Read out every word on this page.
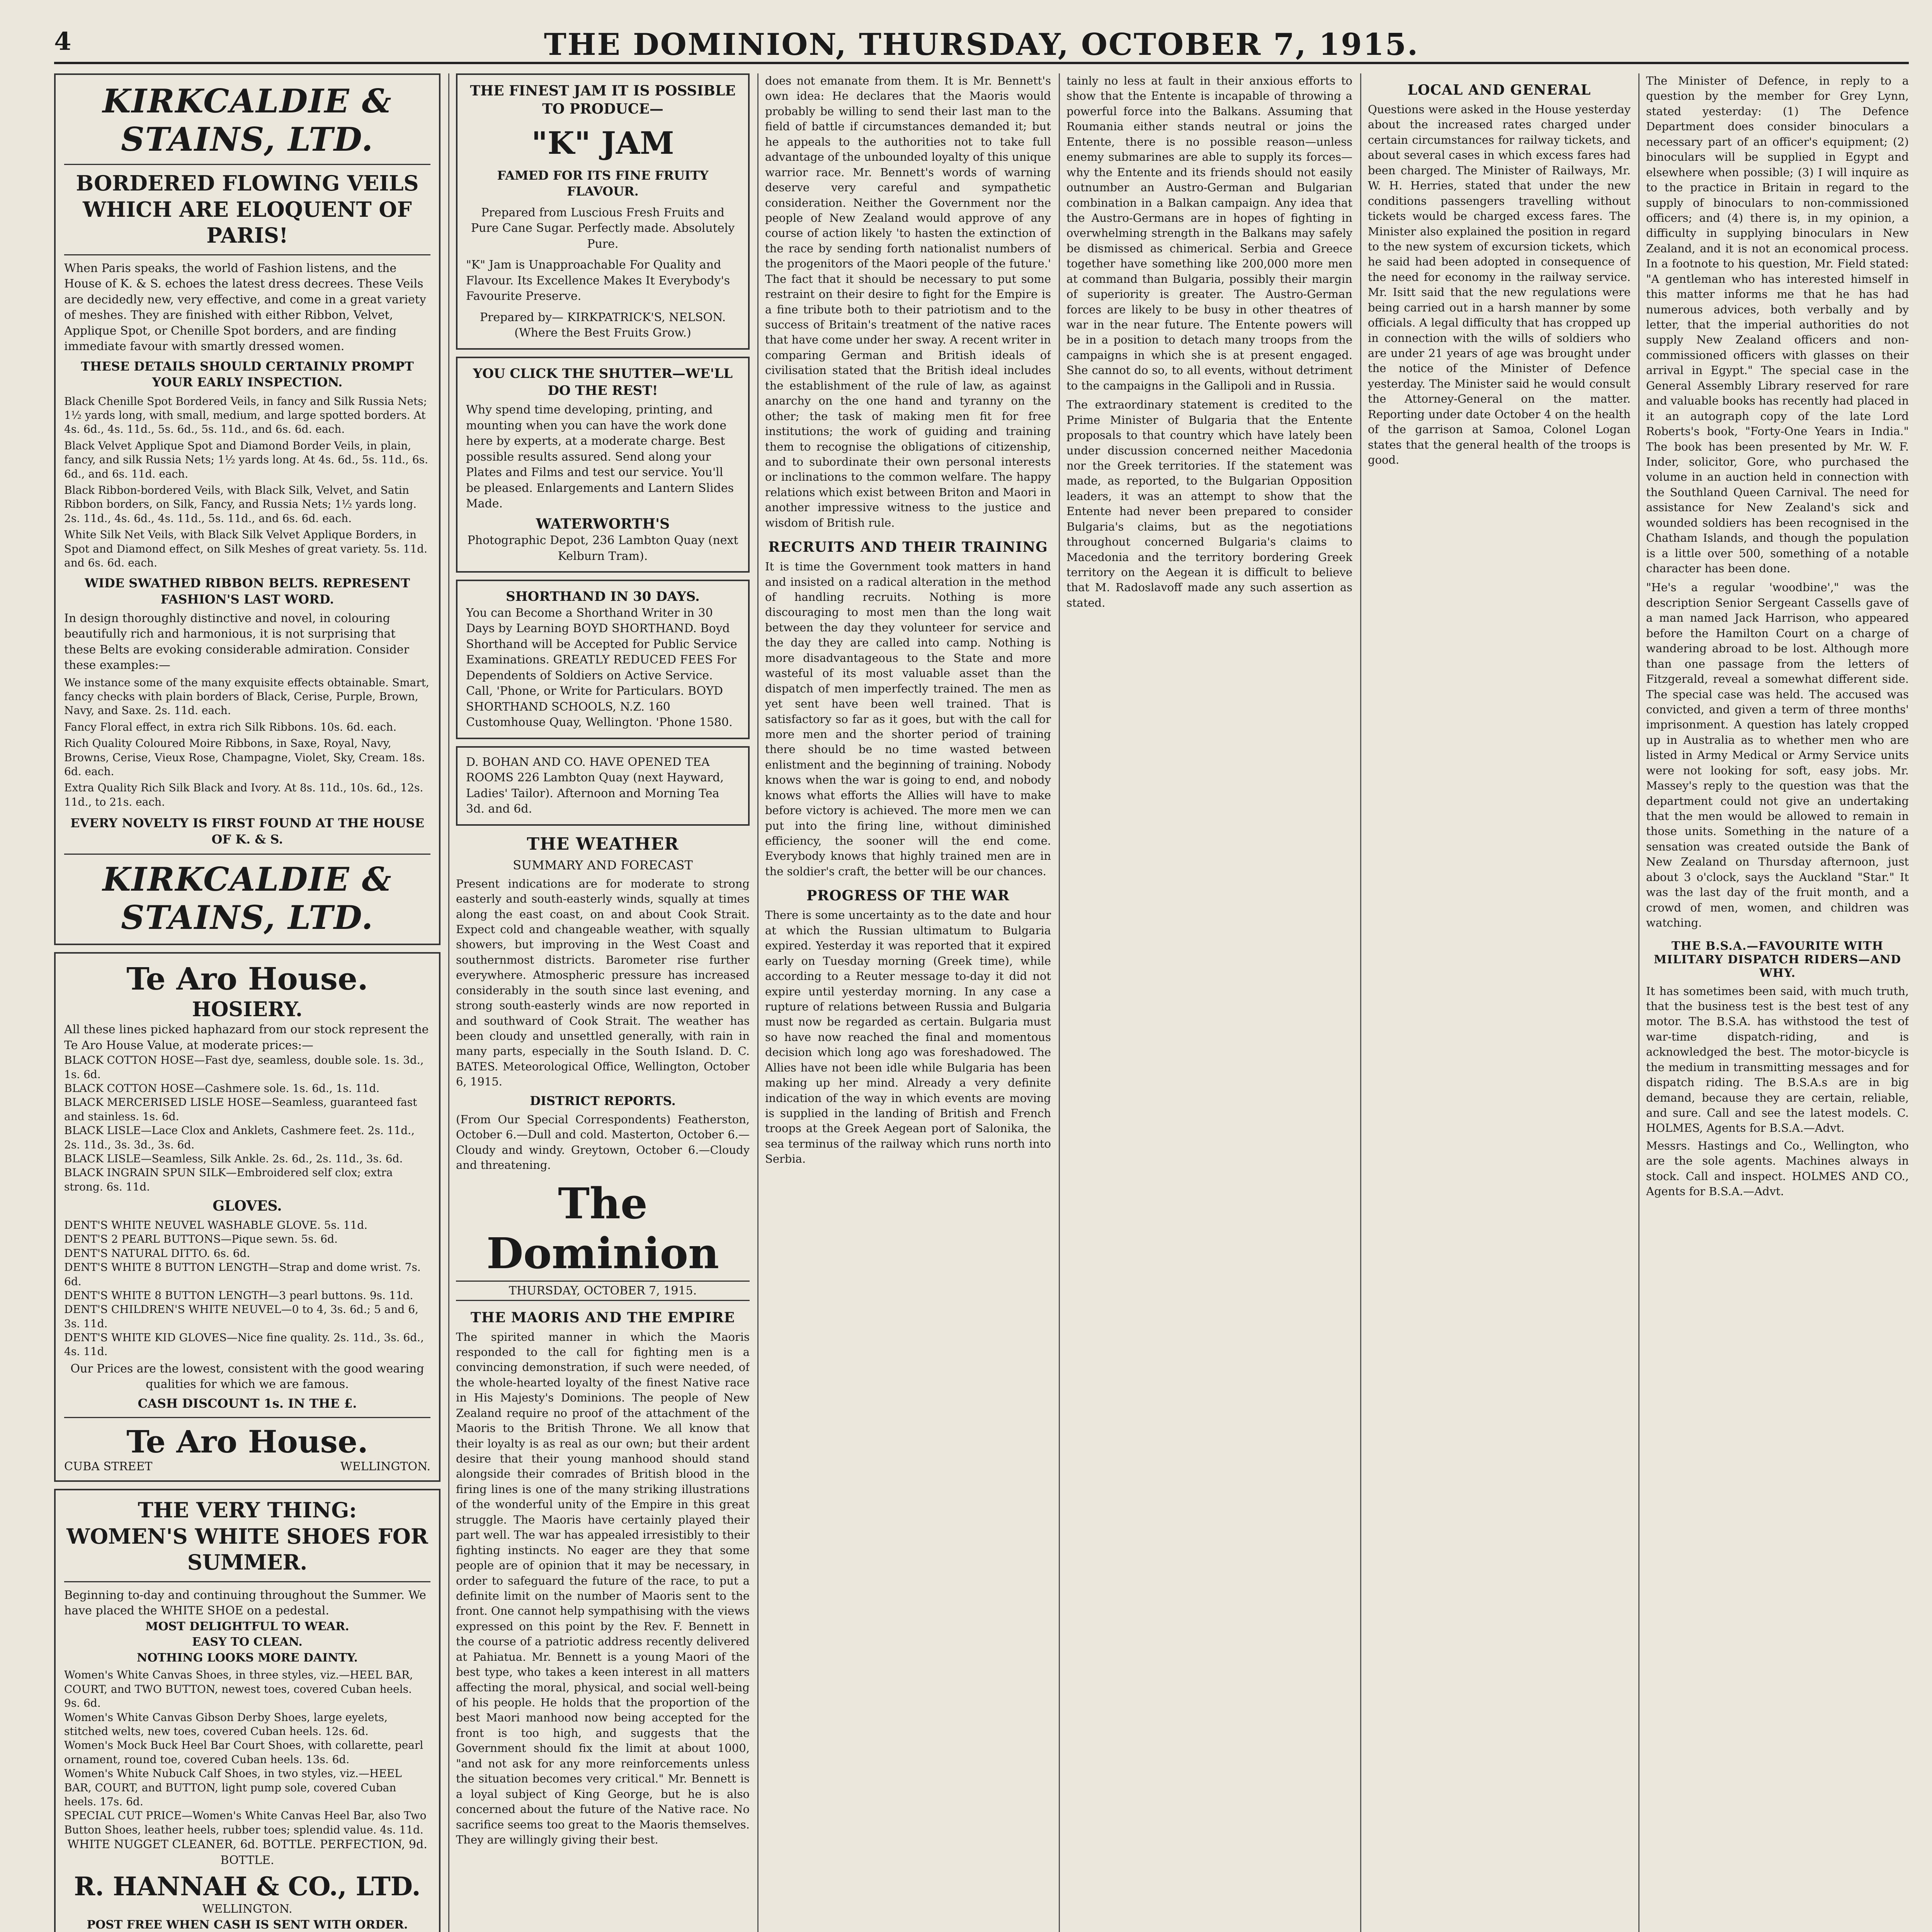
4	THE DOMINION, THURSDAY, OCTOBER 7, 1915.
KIRKCALDIE & STAINS, LTD.
BORDERED FLOWING VEILS WHICH ARE ELOQUENT OF PARIS!
When Paris speaks, the world of Fashion listens, and the House of K. & S. echoes the latest dress decrees. These Veils are decidedly new, very effective, and come in a great variety of meshes. They are finished with either Ribbon, Velvet, Applique Spot, or Chenille Spot borders, and are finding immediate favour with smartly dressed women.
THESE DETAILS SHOULD CERTAINLY PROMPT YOUR EARLY INSPECTION.
Black Chenille Spot Bordered Veils, in fancy and Silk Russia Nets; 1½ yards long, with small, medium, and large spotted borders. At 4s. 6d., 4s. 11d., 5s. 6d., 5s. 11d., and 6s. 6d. each.
Black Velvet Applique Spot and Diamond Border Veils, in plain, fancy, and silk Russia Nets; 1½ yards long. At 4s. 6d., 5s. 11d., 6s. 6d., and 6s. 11d. each.
Black Ribbon-bordered Veils, with Black Silk, Velvet, and Satin Ribbon borders, on Silk, Fancy, and Russia Nets; 1½ yards long. 2s. 11d., 4s. 6d., 4s. 11d., 5s. 11d., and 6s. 6d. each.
White Silk Net Veils, with Black Silk Velvet Applique Borders, in Spot and Diamond effect, on Silk Meshes of great variety. 5s. 11d. and 6s. 6d. each.
WIDE SWATHED RIBBON BELTS. REPRESENT FASHION'S LAST WORD.
In design thoroughly distinctive and novel, in colouring beautifully rich and harmonious, it is not surprising that these Belts are evoking considerable admiration. Consider these examples:—
We instance some of the many exquisite effects obtainable. Smart, fancy checks with plain borders of Black, Cerise, Purple, Brown, Navy, and Saxe. 2s. 11d. each.
Fancy Floral effect, in extra rich Silk Ribbons. 10s. 6d. each.
Rich Quality Coloured Moire Ribbons, in Saxe, Royal, Navy, Browns, Cerise, Vieux Rose, Champagne, Violet, Sky, Cream. 18s. 6d. each.
Extra Quality Rich Silk Black and Ivory. At 8s. 11d., 10s. 6d., 12s. 11d., to 21s. each.
EVERY NOVELTY IS FIRST FOUND AT THE HOUSE OF K. & S.
KIRKCALDIE & STAINS, LTD.
Te Aro House.
HOSIERY.
All these lines picked haphazard from our stock represent the Te Aro House Value, at moderate prices:—
BLACK COTTON HOSE—Fast dye, seamless, double sole. 1s. 3d., 1s. 6d.
BLACK COTTON HOSE—Cashmere sole. 1s. 6d., 1s. 11d.
BLACK MERCERISED LISLE HOSE—Seamless, guaranteed fast and stainless. 1s. 6d.
BLACK LISLE—Lace Clox and Anklets, Cashmere feet. 2s. 11d., 2s. 11d., 3s. 3d., 3s. 6d.
BLACK LISLE—Seamless, Silk Ankle. 2s. 6d., 2s. 11d., 3s. 6d.
BLACK INGRAIN SPUN SILK—Embroidered self clox; extra strong. 6s. 11d.
GLOVES.
DENT'S WHITE NEUVEL WASHABLE GLOVE. 5s. 11d.
DENT'S 2 PEARL BUTTONS—Pique sewn. 5s. 6d.
DENT'S NATURAL DITTO. 6s. 6d.
DENT'S WHITE 8 BUTTON LENGTH—Strap and dome wrist. 7s. 6d.
DENT'S WHITE 8 BUTTON LENGTH—3 pearl buttons. 9s. 11d.
DENT'S CHILDREN'S WHITE NEUVEL—0 to 4, 3s. 6d.; 5 and 6, 3s. 11d.
DENT'S WHITE KID GLOVES—Nice fine quality. 2s. 11d., 3s. 6d., 4s. 11d.
Our Prices are the lowest, consistent with the good wearing qualities for which we are famous.
CASH DISCOUNT 1s. IN THE £.
Te Aro House.
CUBA STREET	WELLINGTON.
THE VERY THING:
WOMEN'S WHITE SHOES FOR SUMMER.
Beginning to-day and continuing throughout the Summer. We have placed the WHITE SHOE on a pedestal.
MOST DELIGHTFUL TO WEAR.
EASY TO CLEAN.
NOTHING LOOKS MORE DAINTY.
Women's White Canvas Shoes, in three styles, viz.—HEEL BAR, COURT, and TWO BUTTON, newest toes, covered Cuban heels. 9s. 6d.
Women's White Canvas Gibson Derby Shoes, large eyelets, stitched welts, new toes, covered Cuban heels. 12s. 6d.
Women's Mock Buck Heel Bar Court Shoes, with collarette, pearl ornament, round toe, covered Cuban heels. 13s. 6d.
Women's White Nubuck Calf Shoes, in two styles, viz.—HEEL BAR, COURT, and BUTTON, light pump sole, covered Cuban heels. 17s. 6d.
SPECIAL CUT PRICE—Women's White Canvas Heel Bar, also Two Button Shoes, leather heels, rubber toes; splendid value. 4s. 11d.
WHITE NUGGET CLEANER, 6d. BOTTLE. PERFECTION, 9d. BOTTLE.
R. HANNAH & CO., LTD.
WELLINGTON.
POST FREE WHEN CASH IS SENT WITH ORDER.
THE FINEST JAM IT IS POSSIBLE TO PRODUCE—
"K" JAM
FAMED FOR ITS FINE FRUITY FLAVOUR.
Prepared from Luscious Fresh Fruits and Pure Cane Sugar. Perfectly made. Absolutely Pure.
"K" Jam is Unapproachable For Quality and Flavour. Its Excellence Makes It Everybody's Favourite Preserve.
Prepared by— KIRKPATRICK'S, NELSON. (Where the Best Fruits Grow.)
YOU CLICK THE SHUTTER—WE'LL DO THE REST!
Why spend time developing, printing, and mounting when you can have the work done here by experts, at a moderate charge. Best possible results assured. Send along your Plates and Films and test our service. You'll be pleased. Enlargements and Lantern Slides Made.
WATERWORTH'S
Photographic Depot, 236 Lambton Quay (next Kelburn Tram).
SHORTHAND IN 30 DAYS.
You can Become a Shorthand Writer in 30 Days by Learning BOYD SHORTHAND. Boyd Shorthand will be Accepted for Public Service Examinations. GREATLY REDUCED FEES For Dependents of Soldiers on Active Service. Call, 'Phone, or Write for Particulars. BOYD SHORTHAND SCHOOLS, N.Z. 160 Customhouse Quay, Wellington. 'Phone 1580.
D. BOHAN AND CO. HAVE OPENED TEA ROOMS 226 Lambton Quay (next Hayward, Ladies' Tailor). Afternoon and Morning Tea 3d. and 6d.
THE WEATHER
SUMMARY AND FORECAST
Present indications are for moderate to strong easterly and south-easterly winds, squally at times along the east coast, on and about Cook Strait. Expect cold and changeable weather, with squally showers, but improving in the West Coast and southernmost districts. Barometer rise further everywhere. Atmospheric pressure has increased considerably in the south since last evening, and strong south-easterly winds are now reported in and southward of Cook Strait. The weather has been cloudy and unsettled generally, with rain in many parts, especially in the South Island. D. C. BATES. Meteorological Office, Wellington, October 6, 1915.
DISTRICT REPORTS.
(From Our Special Correspondents) Featherston, October 6.—Dull and cold. Masterton, October 6.—Cloudy and windy. Greytown, October 6.—Cloudy and threatening.
The Dominion
THURSDAY, OCTOBER 7, 1915.
THE MAORIS AND THE EMPIRE
The spirited manner in which the Maoris responded to the call for fighting men is a convincing demonstration, if such were needed, of the whole-hearted loyalty of the finest Native race in His Majesty's Dominions. The people of New Zealand require no proof of the attachment of the Maoris to the British Throne. We all know that their loyalty is as real as our own; but their ardent desire that their young manhood should stand alongside their comrades of British blood in the firing lines is one of the many striking illustrations of the wonderful unity of the Empire in this great struggle. The Maoris have certainly played their part well. The war has appealed irresistibly to their fighting instincts. No eager are they that some people are of opinion that it may be necessary, in order to safeguard the future of the race, to put a definite limit on the number of Maoris sent to the front. One cannot help sympathising with the views expressed on this point by the Rev. F. Bennett in the course of a patriotic address recently delivered at Pahiatua. Mr. Bennett is a young Maori of the best type, who takes a keen interest in all matters affecting the moral, physical, and social well-being of his people. He holds that the proportion of the best Maori manhood now being accepted for the front is too high, and suggests that the Government should fix the limit at about 1000, "and not ask for any more reinforcements unless the situation becomes very critical." Mr. Bennett is a loyal subject of King George, but he is also concerned about the future of the Native race. No sacrifice seems too great to the Maoris themselves. They are willingly giving their best.
does not emanate from them. It is Mr. Bennett's own idea: He declares that the Maoris would probably be willing to send their last man to the field of battle if circumstances demanded it; but he appeals to the authorities not to take full advantage of the unbounded loyalty of this unique warrior race. Mr. Bennett's words of warning deserve very careful and sympathetic consideration. Neither the Government nor the people of New Zealand would approve of any course of action likely 'to hasten the extinction of the race by sending forth nationalist numbers of the progenitors of the Maori people of the future.' The fact that it should be necessary to put some restraint on their desire to fight for the Empire is a fine tribute both to their patriotism and to the success of Britain's treatment of the native races that have come under her sway. A recent writer in comparing German and British ideals of civilisation stated that the British ideal includes the establishment of the rule of law, as against anarchy on the one hand and tyranny on the other; the task of making men fit for free institutions; the work of guiding and training them to recognise the obligations of citizenship, and to subordinate their own personal interests or inclinations to the common welfare. The happy relations which exist between Briton and Maori in another impressive witness to the justice and wisdom of British rule.
RECRUITS AND THEIR TRAINING
It is time the Government took matters in hand and insisted on a radical alteration in the method of handling recruits. Nothing is more discouraging to most men than the long wait between the day they volunteer for service and the day they are called into camp. Nothing is more disadvantageous to the State and more wasteful of its most valuable asset than the dispatch of men imperfectly trained. The men as yet sent have been well trained. That is satisfactory so far as it goes, but with the call for more men and the shorter period of training there should be no time wasted between enlistment and the beginning of training. Nobody knows when the war is going to end, and nobody knows what efforts the Allies will have to make before victory is achieved. The more men we can put into the firing line, without diminished efficiency, the sooner will the end come. Everybody knows that highly trained men are in the soldier's craft, the better will be our chances.
PROGRESS OF THE WAR
There is some uncertainty as to the date and hour at which the Russian ultimatum to Bulgaria expired. Yesterday it was reported that it expired early on Tuesday morning (Greek time), while according to a Reuter message to-day it did not expire until yesterday morning. In any case a rupture of relations between Russia and Bulgaria must now be regarded as certain. Bulgaria must so have now reached the final and momentous decision which long ago was foreshadowed. The Allies have not been idle while Bulgaria has been making up her mind. Already a very definite indication of the way in which events are moving is supplied in the landing of British and French troops at the Greek Aegean port of Salonika, the sea terminus of the railway which runs north into Serbia.
tainly no less at fault in their anxious efforts to show that the Entente is incapable of throwing a powerful force into the Balkans. Assuming that Roumania either stands neutral or joins the Entente, there is no possible reason—unless enemy submarines are able to supply its forces—why the Entente and its friends should not easily outnumber an Austro-German and Bulgarian combination in a Balkan campaign. Any idea that the Austro-Germans are in hopes of fighting in overwhelming strength in the Balkans may safely be dismissed as chimerical. Serbia and Greece together have something like 200,000 more men at command than Bulgaria, possibly their margin of superiority is greater. The Austro-German forces are likely to be busy in other theatres of war in the near future. The Entente powers will be in a position to detach many troops from the campaigns in which she is at present engaged. She cannot do so, to all events, without detriment to the campaigns in the Gallipoli and in Russia.
The extraordinary statement is credited to the Prime Minister of Bulgaria that the Entente proposals to that country which have lately been under discussion concerned neither Macedonia nor the Greek territories. If the statement was made, as reported, to the Bulgarian Opposition leaders, it was an attempt to show that the Entente had never been prepared to consider Bulgaria's claims, but as the negotiations throughout concerned Bulgaria's claims to Macedonia and the territory bordering Greek territory on the Aegean it is difficult to believe that M. Radoslavoff made any such assertion as stated.
LOCAL AND GENERAL
Questions were asked in the House yesterday about the increased rates charged under certain circumstances for railway tickets, and about several cases in which excess fares had been charged. The Minister of Railways, Mr. W. H. Herries, stated that under the new conditions passengers travelling without tickets would be charged excess fares. The Minister also explained the position in regard to the new system of excursion tickets, which he said had been adopted in consequence of the need for economy in the railway service. Mr. Isitt said that the new regulations were being carried out in a harsh manner by some officials. A legal difficulty that has cropped up in connection with the wills of soldiers who are under 21 years of age was brought under the notice of the Minister of Defence yesterday. The Minister said he would consult the Attorney-General on the matter. Reporting under date October 4 on the health of the garrison at Samoa, Colonel Logan states that the general health of the troops is good.
The Minister of Defence, in reply to a question by the member for Grey Lynn, stated yesterday: (1) The Defence Department does consider binoculars a necessary part of an officer's equipment; (2) binoculars will be supplied in Egypt and elsewhere when possible; (3) I will inquire as to the practice in Britain in regard to the supply of binoculars to non-commissioned officers; and (4) there is, in my opinion, a difficulty in supplying binoculars in New Zealand, and it is not an economical process. In a footnote to his question, Mr. Field stated: "A gentleman who has interested himself in this matter informs me that he has had numerous advices, both verbally and by letter, that the imperial authorities do not supply New Zealand officers and non-commissioned officers with glasses on their arrival in Egypt." The special case in the General Assembly Library reserved for rare and valuable books has recently had placed in it an autograph copy of the late Lord Roberts's book, "Forty-One Years in India." The book has been presented by Mr. W. F. Inder, solicitor, Gore, who purchased the volume in an auction held in connection with the Southland Queen Carnival. The need for assistance for New Zealand's sick and wounded soldiers has been recognised in the Chatham Islands, and though the population is a little over 500, something of a notable character has been done.
"He's a regular 'woodbine'," was the description Senior Sergeant Cassells gave of a man named Jack Harrison, who appeared before the Hamilton Court on a charge of wandering abroad to be lost. Although more than one passage from the letters of Fitzgerald, reveal a somewhat different side. The special case was held. The accused was convicted, and given a term of three months' imprisonment. A question has lately cropped up in Australia as to whether men who are listed in Army Medical or Army Service units were not looking for soft, easy jobs. Mr. Massey's reply to the question was that the department could not give an undertaking that the men would be allowed to remain in those units. Something in the nature of a sensation was created outside the Bank of New Zealand on Thursday afternoon, just about 3 o'clock, says the Auckland "Star." It was the last day of the fruit month, and a crowd of men, women, and children was watching.
THE B.S.A.—FAVOURITE WITH MILITARY DISPATCH RIDERS—AND WHY.
It has sometimes been said, with much truth, that the business test is the best test of any motor. The B.S.A. has withstood the test of war-time dispatch-riding, and is acknowledged the best. The motor-bicycle is the medium in transmitting messages and for dispatch riding. The B.S.A.s are in big demand, because they are certain, reliable, and sure. Call and see the latest models. C. HOLMES, Agents for B.S.A.—Advt.
Messrs. Hastings and Co., Wellington, who are the sole agents. Machines always in stock. Call and inspect. HOLMES AND CO., Agents for B.S.A.—Advt.
